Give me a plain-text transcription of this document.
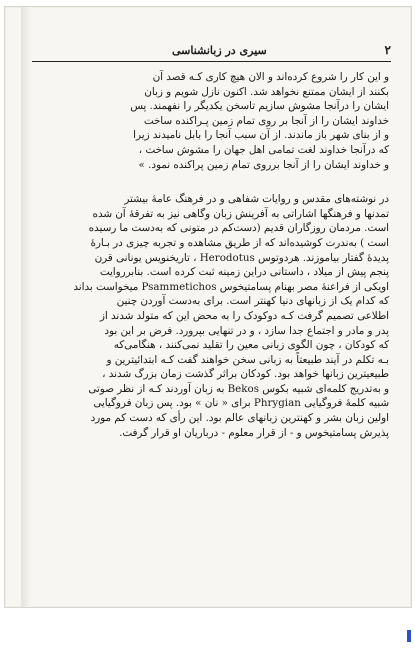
۲
سیری در زبانشناسی

و این کار را شروع کرده‌اند و الان هیچ کاری کـه قصد آن
بکنند از ایشان ممتنع نخواهد شد. اکنون نازل شویم و زبان
ایشان را درآنجا مشوش سازیم تاسخن یکدیگر را نفهمند. پس
خداوند ایشان را از آنجا بر روی تمام زمین پـراکنده ساخت
و از بنای شهر باز ماندند. از آن سبب آنجا را بابل نامیدند زیرا
که درآنجا خداوند لغت تمامی اهل جهان را مشوش ساخت ،
و خداوند ایشان را از آنجا برروی تمام زمین پراکنده نمود. »

در نوشته‌های مقدس و روایات شفاهی و در فرهنگ عامهٔ بیشتر
تمدنها و فرهنگها اشاراتی به آفرینش زبان وگاهی نیز به تفرقهٔ آن شده
است. مردمان روزگاران قدیم (دست‌کم در متونی که به‌دست ما رسیده
است ) به‌ندرت کوشیده‌اند که از طریق مشاهده و تجربه چیزی در بـارهٔ
پدیدهٔ گفتار بیاموزند. هردوتوس Herodotus ، تاریخنویس یونانی قرن
پنجم پیش از میلاد ، داستانی دراین زمینه ثبت کرده است. بنابرروایت
اویکی از فراعنهٔ مصر بهنام پسامتیخوس Psammetichos میخواست بداند
که کدام یک از زبانهای دنیا کهنتر است. برای به‌دست آوردن چنین
اطلاعی تصمیم گرفت کـه دوکودک را به محض این که متولد شدند از
پدر و مادر و اجتماع جدا سازد ، و در تنهایی بپرورد. فرض بر این بود
که کودکان ، چون الگوی زبانی معین را تقلید نمی‌کنند ، هنگامی‌که
بـه تکلم در آیند طبیعتاً به زبانی سخن خواهند گفت کـه ابتدائیترین و
طبیعیترین زبانها خواهد بود. کودکان براثر گذشت زمان بزرگ شدند ،
و به‌تدریج کلمه‌ای شبیه بکوس Bekos به زبان آوردند کـه از نظر صوتی
شبیه کلمهٔ فروگیایی Phrygian برای « نان » بود. پس زبان فروگیایی
اولین زبان بشر و کهنترین زبانهای عالم بود. این رأی که دست کم مورد
پذیرش پسامتیخوس و - از قرار معلوم - درباریان او قرار گرفت.
